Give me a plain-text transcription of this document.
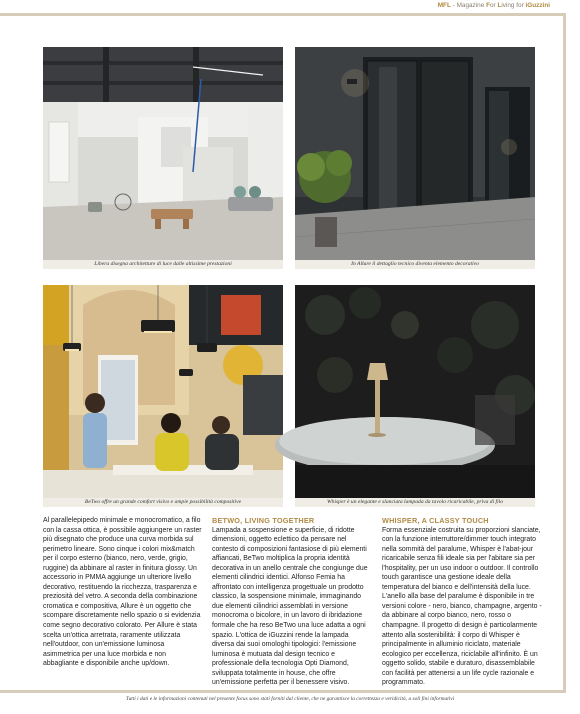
MFL - Magazine For Living for iGuzzini
Libera disegna architetture di luce dalle altissime prestazioni	In Allure il dettaglio tecnico diventa elemento decorativo
BeTwo offre un grande comfort visivo e ampie possibilità compositive	Whisper è un elegante e slanciata lampada da tavolo ricaricabile, priva di filo

Al parallelepipedo minimale e monocromatico, a filo con la cassa ottica, è possibile aggiungere un raster più disegnato che produce una curva morbida sul perimetro lineare. Sono cinque i colori mix&match per il corpo esterno (bianco, nero, verde, grigio, ruggine) da abbinare al raster in finitura glossy. Un accessorio in PMMA aggiunge un ulteriore livello decorativo, restituendo la ricchezza, trasparenza e preziosità del vetro. A seconda della combinazione cromatica e compositiva, Allure è un oggetto che scompare discretamente nello spazio o si evidenzia come segno decorativo colorato. Per Allure è stata scelta un'ottica arretrata, raramente utilizzata nell'outdoor, con un'emissione luminosa asimmetrica per una luce morbida e non abbagliante e disponibile anche up/down.

BETWO, LIVING TOGETHER

Lampada a sospensione e superficie, di ridotte dimensioni, oggetto eclettico da pensare nel contesto di composizioni fantasiose di più elementi affiancati, BeTwo moltiplica la propria identità decorativa in un anello centrale che congiunge due elementi cilindrici identici. Alfonso Femia ha affrontato con intelligenza progettuale un prodotto classico, la sospensione minimale, immaginando due elementi cilindrici assemblati in versione monocroma o bicolore, in un lavoro di ibridazione formale che ha reso BeTwo una luce adatta a ogni spazio. L'ottica de iGuzzini rende la lampada diversa dai suoi omologhi tipologici: l'emissione luminosa è mutuata dal design tecnico e professionale della tecnologia Opti Diamond, sviluppata totalmente in house, che offre un'emissione perfetta per il benessere visivo.

WHISPER, A CLASSY TOUCH

Forma essenziale costruita su proporzioni slanciate, con la funzione interruttore/dimmer touch integrato nella sommità del paralume, Whisper è l'abat-jour ricaricabile senza fili ideale sia per l'abitare sia per l'hospitality, per un uso indoor o outdoor. Il controllo touch garantisce una gestione ideale della temperatura del bianco e dell'intensità della luce. L'anello alla base del paralume è disponibile in tre versioni colore - nero, bianco, champagne, argento - da abbinare al corpo bianco, nero, rosso o champagne. Il progetto di design è particolarmente attento alla sostenibilità: il corpo di Whisper è principalmente in alluminio riciclato, materiale ecologico per eccellenza, riciclabile all'infinito. È un oggetto solido, stabile e duraturo, disassemblabile con facilità per attenersi a un life cycle razionale e programmato.

Tutti i dati e le informazioni contenuti nel presente focus sono stati forniti dal cliente, che ne garantisce la correttezza e veridicità, a soli fini informativi
